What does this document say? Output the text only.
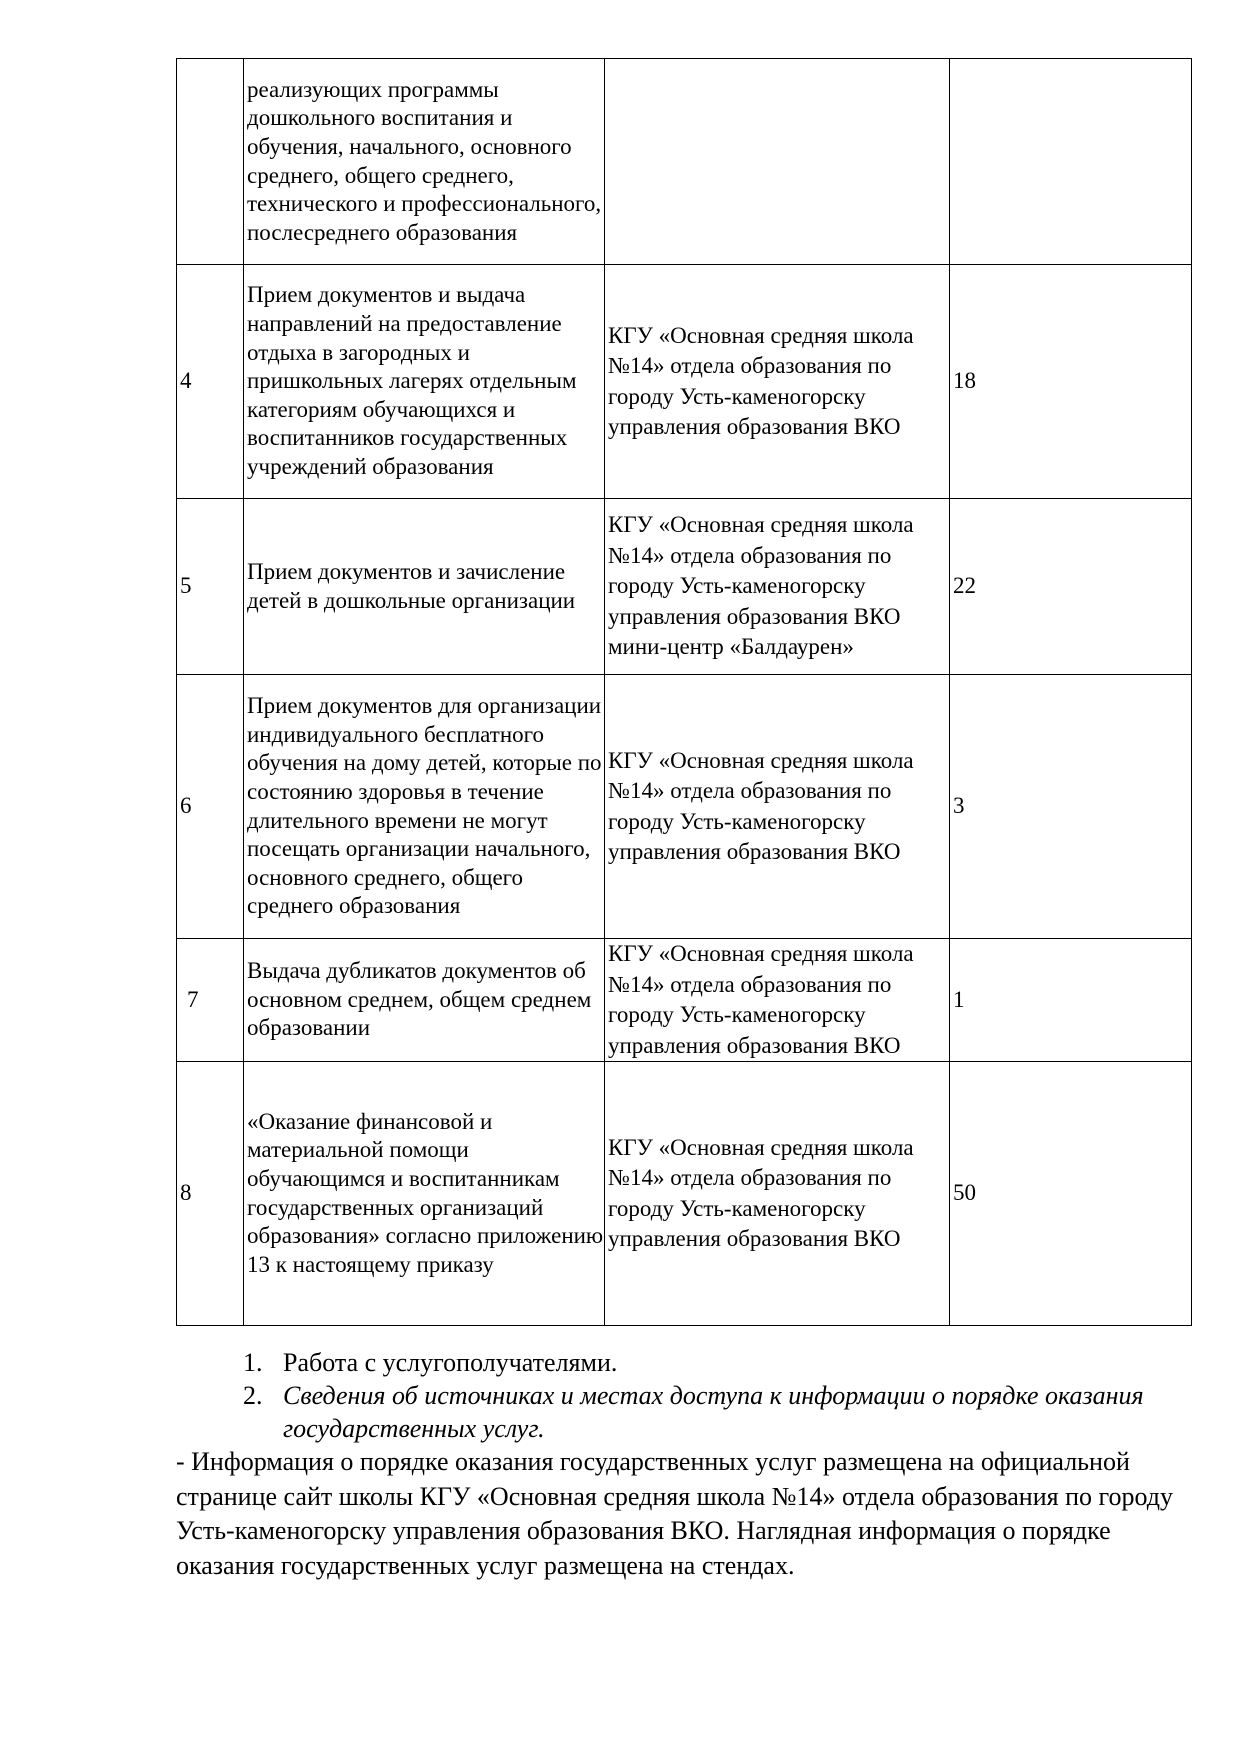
	реализующих программы дошкольного воспитания и обучения, начального, основного среднего, общего среднего, технического и профессионального, послесреднего образования		
4	Прием документов и выдача направлений на предоставление отдыха в загородных и пришкольных лагерях отдельным категориям обучающихся и воспитанников государственных учреждений образования	КГУ «Основная средняя школа №14» отдела образования по городу Усть-каменогорску управления образования ВКО	18
5	Прием документов и зачисление детей в дошкольные организации	КГУ «Основная средняя школа №14» отдела образования по городу Усть-каменогорску управления образования ВКО мини-центр «Балдаурен»	22
6	Прием документов для организации индивидуального бесплатного обучения на дому детей, которые по состоянию здоровья в течение длительного времени не могут посещать организации начального, основного среднего, общего среднего образования	КГУ «Основная средняя школа №14» отдела образования по городу Усть-каменогорску управления образования ВКО	3
7	Выдача дубликатов документов об основном среднем, общем среднем образовании	КГУ «Основная средняя школа №14» отдела образования по городу Усть-каменогорску управления образования ВКО	1
8	«Оказание финансовой и материальной помощи обучающимся и воспитанникам государственных организаций образования» согласно приложению 13 к настоящему приказу	КГУ «Основная средняя школа №14» отдела образования по городу Усть-каменогорску управления образования ВКО	50
1. Работа с услугополучателями.
2. Сведения об источниках и местах доступа к информации о порядке оказания государственных услуг.

- Информация о порядке оказания государственных услуг размещена на официальной странице сайт школы КГУ «Основная средняя школа №14» отдела образования по городу Усть-каменогорску управления образования ВКО. Наглядная информация о порядке оказания государственных услуг размещена на стендах.
